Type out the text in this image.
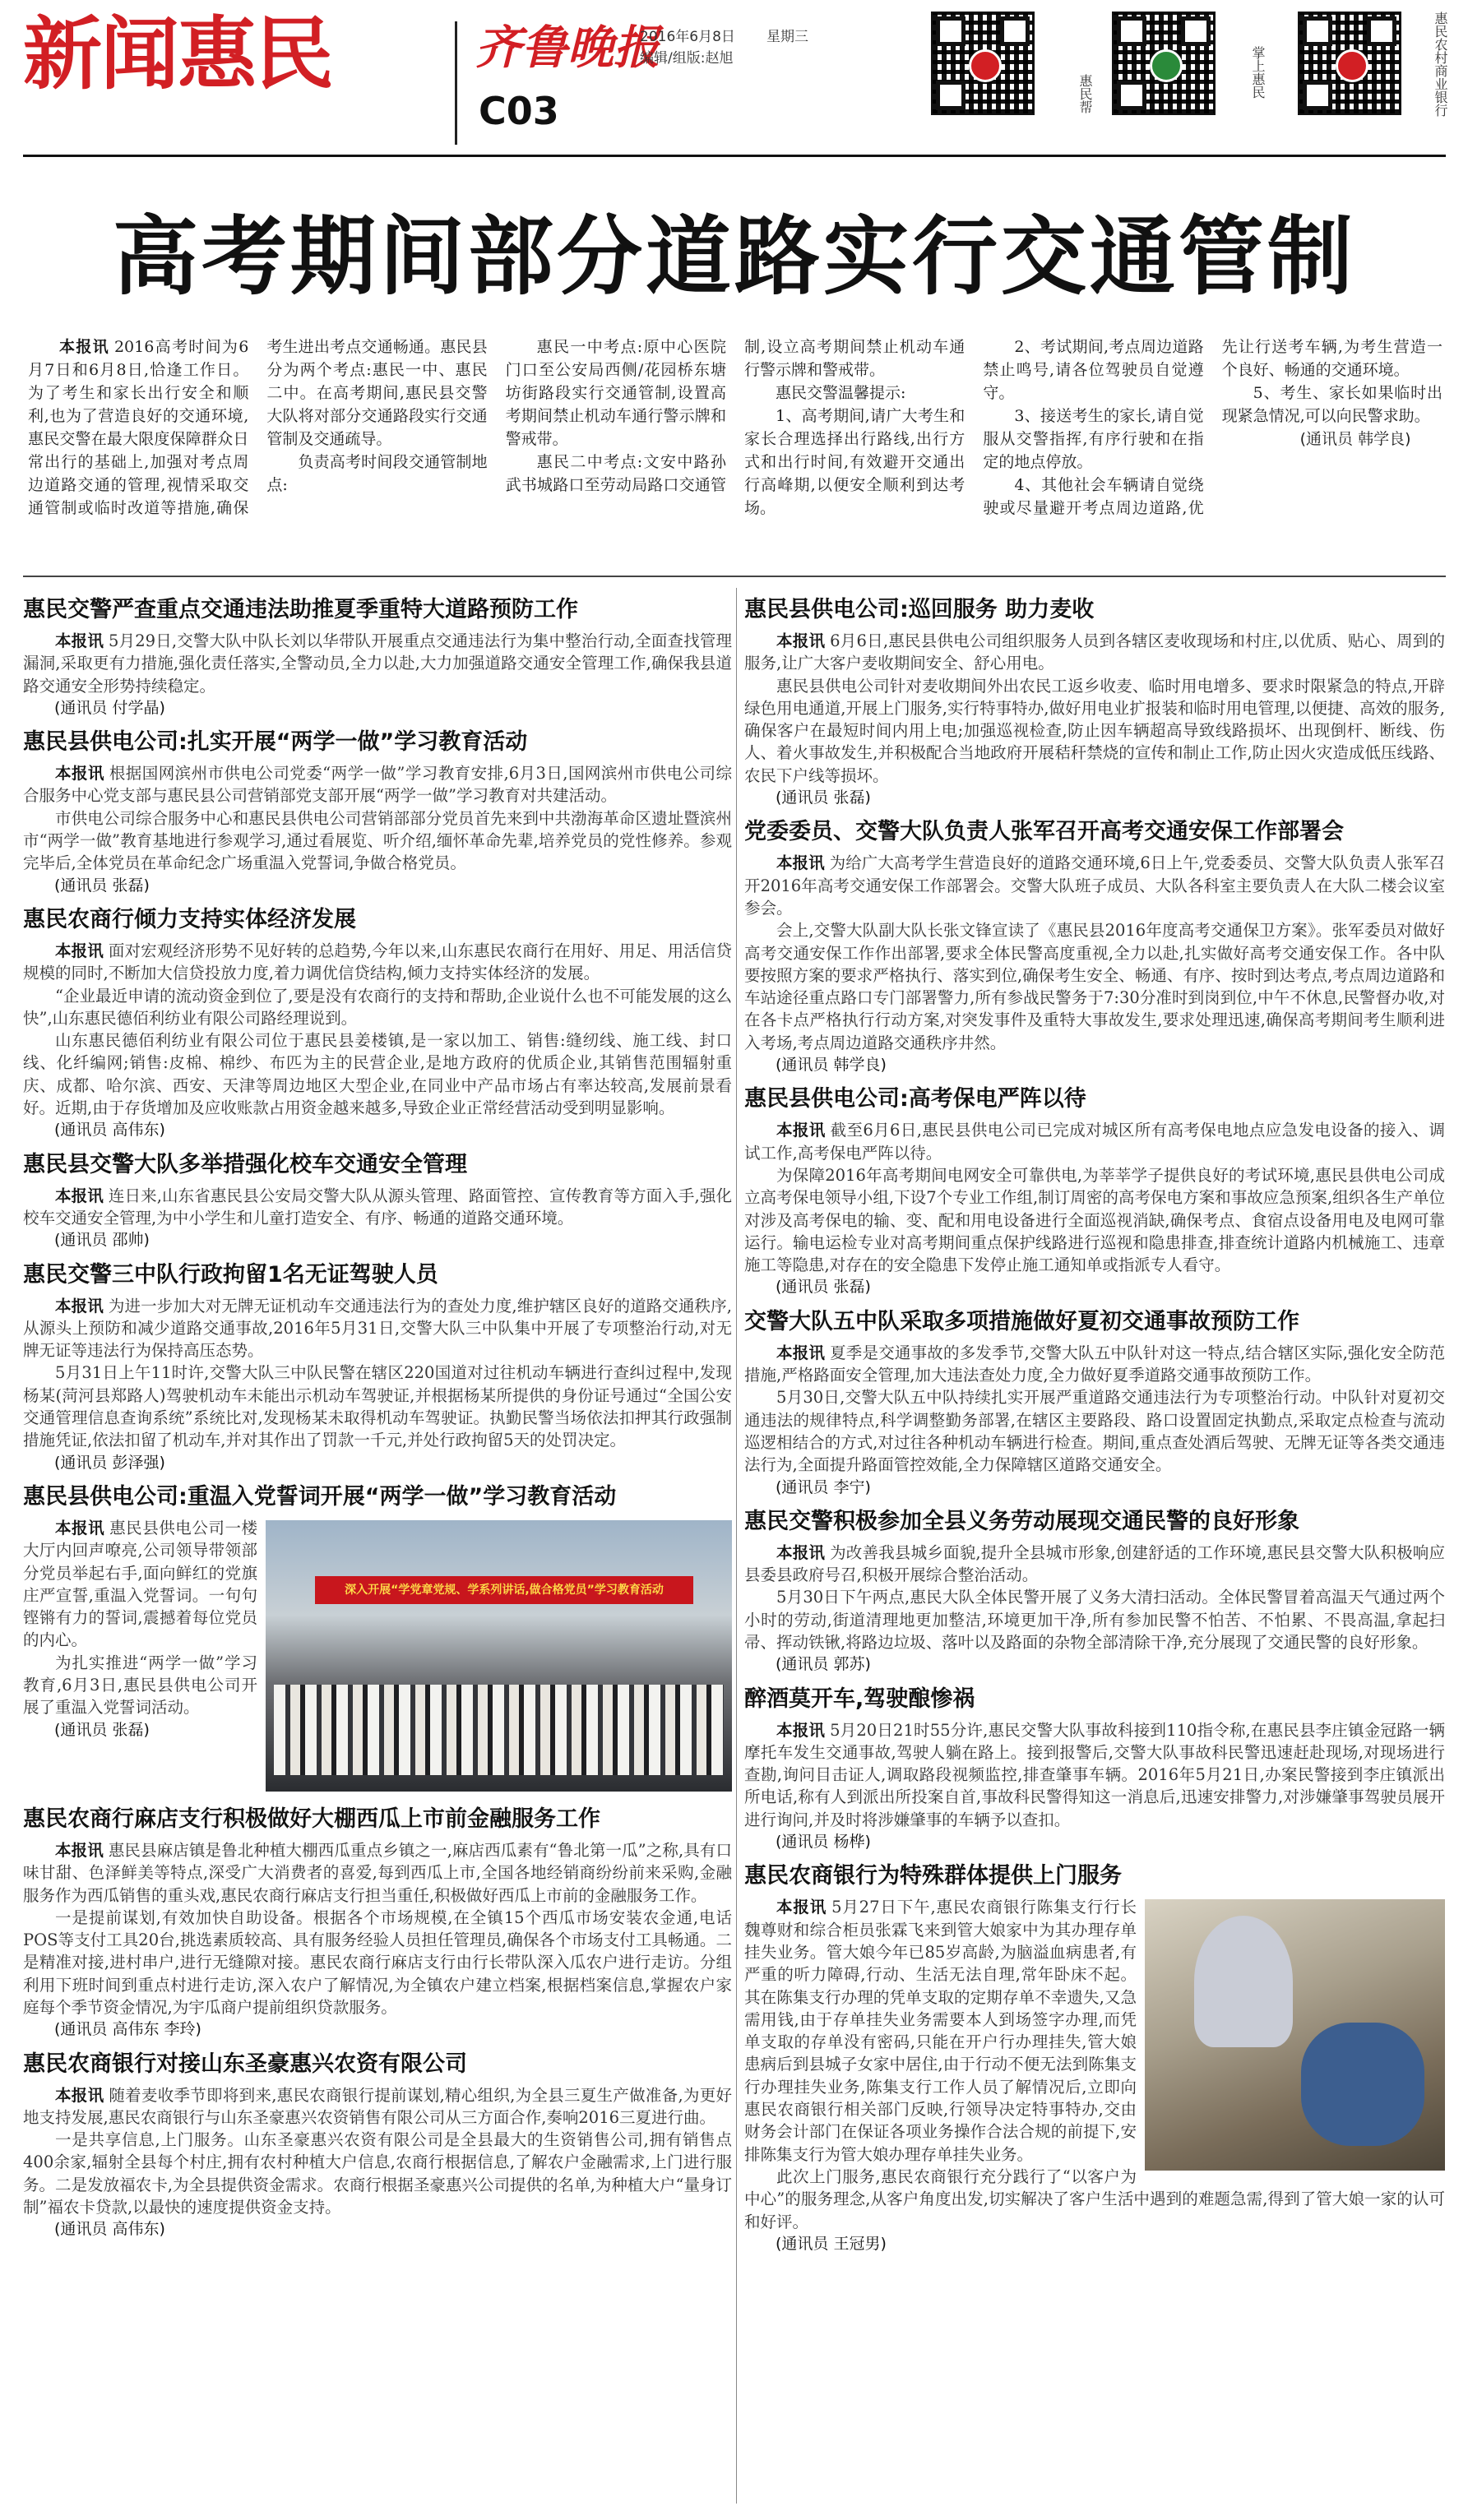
新闻惠民	齐鲁晚报
C03
2016年6月8日 星期三
编辑/组版:赵旭
惠民帮	掌上惠民	惠民农村商业银行
高考期间部分道路实行交通管制

本报讯 2016高考时间为6月7日和6月8日,恰逢工作日。为了考生和家长出行安全和顺利,也为了营造良好的交通环境,惠民交警在最大限度保障群众日常出行的基础上,加强对考点周边道路交通的管理,视情采取交通管制或临时改道等措施,确保考生进出考点交通畅通。惠民县分为两个考点:惠民一中、惠民二中。在高考期间,惠民县交警大队将对部分交通路段实行交通管制及交通疏导。

负责高考时间段交通管制地点:

惠民一中考点:原中心医院门口至公安局西侧/花园桥东塘坊街路段实行交通管制,设置高考期间禁止机动车通行警示牌和警戒带。

惠民二中考点:文安中路孙武书城路口至劳动局路口交通管制,设立高考期间禁止机动车通行警示牌和警戒带。

惠民交警温馨提示:

1、高考期间,请广大考生和家长合理选择出行路线,出行方式和出行时间,有效避开交通出行高峰期,以便安全顺利到达考场。

2、考试期间,考点周边道路禁止鸣号,请各位驾驶员自觉遵守。

3、接送考生的家长,请自觉服从交警指挥,有序行驶和在指定的地点停放。

4、其他社会车辆请自觉绕驶或尽量避开考点周边道路,优先让行送考车辆,为考生营造一个良好、畅通的交通环境。

5、考生、家长如果临时出现紧急情况,可以向民警求助。

(通讯员 韩学良)

惠民交警严查重点交通违法助推夏季重特大道路预防工作

本报讯 5月29日,交警大队中队长刘以华带队开展重点交通违法行为集中整治行动,全面查找管理漏洞,采取更有力措施,强化责任落实,全警动员,全力以赴,大力加强道路交通安全管理工作,确保我县道路交通安全形势持续稳定。

(通讯员 付学晶)

惠民县供电公司:扎实开展“两学一做”学习教育活动

本报讯 根据国网滨州市供电公司党委“两学一做”学习教育安排,6月3日,国网滨州市供电公司综合服务中心党支部与惠民县公司营销部党支部开展“两学一做”学习教育对共建活动。

市供电公司综合服务中心和惠民县供电公司营销部部分党员首先来到中共渤海革命区遗址暨滨州市“两学一做”教育基地进行参观学习,通过看展览、听介绍,缅怀革命先辈,培养党员的党性修养。参观完毕后,全体党员在革命纪念广场重温入党誓词,争做合格党员。

(通讯员 张磊)

惠民农商行倾力支持实体经济发展

本报讯 面对宏观经济形势不见好转的总趋势,今年以来,山东惠民农商行在用好、用足、用活信贷规模的同时,不断加大信贷投放力度,着力调优信贷结构,倾力支持实体经济的发展。

“企业最近申请的流动资金到位了,要是没有农商行的支持和帮助,企业说什么也不可能发展的这么快”,山东惠民德佰利纺业有限公司路经理说到。

山东惠民德佰利纺业有限公司位于惠民县姜楼镇,是一家以加工、销售:缝纫线、施工线、封口线、化纤编网;销售:皮棉、棉纱、布匹为主的民营企业,是地方政府的优质企业,其销售范围辐射重庆、成都、哈尔滨、西安、天津等周边地区大型企业,在同业中产品市场占有率达较高,发展前景看好。近期,由于存货增加及应收账款占用资金越来越多,导致企业正常经营活动受到明显影响。

(通讯员 高伟东)

惠民县交警大队多举措强化校车交通安全管理

本报讯 连日来,山东省惠民县公安局交警大队从源头管理、路面管控、宣传教育等方面入手,强化校车交通安全管理,为中小学生和儿童打造安全、有序、畅通的道路交通环境。

(通讯员 邵帅)

惠民交警三中队行政拘留1名无证驾驶人员

本报讯 为进一步加大对无牌无证机动车交通违法行为的查处力度,维护辖区良好的道路交通秩序,从源头上预防和减少道路交通事故,2016年5月31日,交警大队三中队集中开展了专项整治行动,对无牌无证等违法行为保持高压态势。

5月31日上午11时许,交警大队三中队民警在辖区220国道对过往机动车辆进行查纠过程中,发现杨某(菏河县郑路人)驾驶机动车未能出示机动车驾驶证,并根据杨某所提供的身份证号通过“全国公安交通管理信息查询系统”系统比对,发现杨某未取得机动车驾驶证。执勤民警当场依法扣押其行政强制措施凭证,依法扣留了机动车,并对其作出了罚款一千元,并处行政拘留5天的处罚决定。

(通讯员 彭泽强)

惠民县供电公司:重温入党誓词开展“两学一做”学习教育活动
深入开展“学党章党规、学系列讲话,做合格党员”学习教育活动

本报讯 惠民县供电公司一楼大厅内回声嘹亮,公司领导带领部分党员举起右手,面向鲜红的党旗庄严宣誓,重温入党誓词。一句句铿锵有力的誓词,震撼着每位党员的内心。

为扎实推进“两学一做”学习教育,6月3日,惠民县供电公司开展了重温入党誓词活动。

(通讯员 张磊)

惠民农商行麻店支行积极做好大棚西瓜上市前金融服务工作

本报讯 惠民县麻店镇是鲁北种植大棚西瓜重点乡镇之一,麻店西瓜素有“鲁北第一瓜”之称,具有口味甘甜、色泽鲜美等特点,深受广大消费者的喜爱,每到西瓜上市,全国各地经销商纷纷前来采购,金融服务作为西瓜销售的重头戏,惠民农商行麻店支行担当重任,积极做好西瓜上市前的金融服务工作。

一是提前谋划,有效加快自助设备。根据各个市场规模,在全镇15个西瓜市场安装农金通,电话POS等支付工具20台,挑选素质较高、具有服务经验人员担任管理员,确保各个市场支付工具畅通。二是精准对接,进村串户,进行无缝隙对接。惠民农商行麻店支行由行长带队深入瓜农户进行走访。分组利用下班时间到重点村进行走访,深入农户了解情况,为全镇农户建立档案,根据档案信息,掌握农户家庭每个季节资金情况,为宇瓜商户提前组织贷款服务。

(通讯员 高伟东 李玲)

惠民农商银行对接山东圣豪惠兴农资有限公司

本报讯 随着麦收季节即将到来,惠民农商银行提前谋划,精心组织,为全县三夏生产做准备,为更好地支持发展,惠民农商银行与山东圣豪惠兴农资销售有限公司从三方面合作,奏响2016三夏进行曲。

一是共享信息,上门服务。山东圣豪惠兴农资有限公司是全县最大的生资销售公司,拥有销售点400余家,辐射全县每个村庄,拥有农村种植大户信息,农商行根据信息,了解农户金融需求,上门进行服务。二是发放福农卡,为全县提供资金需求。农商行根据圣豪惠兴公司提供的名单,为种植大户“量身订制”福农卡贷款,以最快的速度提供资金支持。

(通讯员 高伟东)

惠民县供电公司:巡回服务 助力麦收

本报讯 6月6日,惠民县供电公司组织服务人员到各辖区麦收现场和村庄,以优质、贴心、周到的服务,让广大客户麦收期间安全、舒心用电。

惠民县供电公司针对麦收期间外出农民工返乡收麦、临时用电增多、要求时限紧急的特点,开辟绿色用电通道,开展上门服务,实行特事特办,做好用电业扩报装和临时用电管理,以便捷、高效的服务,确保客户在最短时间内用上电;加强巡视检查,防止因车辆超高导致线路损坏、出现倒杆、断线、伤人、着火事故发生,并积极配合当地政府开展秸秆禁烧的宣传和制止工作,防止因火灾造成低压线路、农民下户线等损坏。

(通讯员 张磊)

党委委员、交警大队负责人张军召开高考交通安保工作部署会

本报讯 为给广大高考学生营造良好的道路交通环境,6日上午,党委委员、交警大队负责人张军召开2016年高考交通安保工作部署会。交警大队班子成员、大队各科室主要负责人在大队二楼会议室参会。

会上,交警大队副大队长张文锋宣读了《惠民县2016年度高考交通保卫方案》。张军委员对做好高考交通安保工作作出部署,要求全体民警高度重视,全力以赴,扎实做好高考交通安保工作。各中队要按照方案的要求严格执行、落实到位,确保考生安全、畅通、有序、按时到达考点,考点周边道路和车站途径重点路口专门部署警力,所有参战民警务于7:30分准时到岗到位,中午不休息,民警督办收,对在各卡点严格执行行动方案,对突发事件及重特大事故发生,要求处理迅速,确保高考期间考生顺利进入考场,考点周边道路交通秩序井然。

(通讯员 韩学良)

惠民县供电公司:高考保电严阵以待

本报讯 截至6月6日,惠民县供电公司已完成对城区所有高考保电地点应急发电设备的接入、调试工作,高考保电严阵以待。

为保障2016年高考期间电网安全可靠供电,为莘莘学子提供良好的考试环境,惠民县供电公司成立高考保电领导小组,下设7个专业工作组,制订周密的高考保电方案和事故应急预案,组织各生产单位对涉及高考保电的输、变、配和用电设备进行全面巡视消缺,确保考点、食宿点设备用电及电网可靠运行。输电运检专业对高考期间重点保护线路进行巡视和隐患排查,排查统计道路内机械施工、违章施工等隐患,对存在的安全隐患下发停止施工通知单或指派专人看守。

(通讯员 张磊)

交警大队五中队采取多项措施做好夏初交通事故预防工作

本报讯 夏季是交通事故的多发季节,交警大队五中队针对这一特点,结合辖区实际,强化安全防范措施,严格路面安全管理,加大违法查处力度,全力做好夏季道路交通事故预防工作。

5月30日,交警大队五中队持续扎实开展严重道路交通违法行为专项整治行动。中队针对夏初交通违法的规律特点,科学调整勤务部署,在辖区主要路段、路口设置固定执勤点,采取定点检查与流动巡逻相结合的方式,对过往各种机动车辆进行检查。期间,重点查处酒后驾驶、无牌无证等各类交通违法行为,全面提升路面管控效能,全力保障辖区道路交通安全。

(通讯员 李宁)

惠民交警积极参加全县义务劳动展现交通民警的良好形象

本报讯 为改善我县城乡面貌,提升全县城市形象,创建舒适的工作环境,惠民县交警大队积极响应县委县政府号召,积极开展综合整治活动。

5月30日下午两点,惠民大队全体民警开展了义务大清扫活动。全体民警冒着高温天气通过两个小时的劳动,街道清理地更加整洁,环境更加干净,所有参加民警不怕苦、不怕累、不畏高温,拿起扫帚、挥动铁锹,将路边垃圾、落叶以及路面的杂物全部清除干净,充分展现了交通民警的良好形象。

(通讯员 郭苏)

醉酒莫开车,驾驶酿惨祸

本报讯 5月20日21时55分许,惠民交警大队事故科接到110指令称,在惠民县李庄镇金冠路一辆摩托车发生交通事故,驾驶人躺在路上。接到报警后,交警大队事故科民警迅速赶赴现场,对现场进行查勘,询问目击证人,调取路段视频监控,排查肇事车辆。2016年5月21日,办案民警接到李庄镇派出所电话,称有人到派出所投案自首,事故科民警得知这一消息后,迅速安排警力,对涉嫌肇事驾驶员展开进行询问,并及时将涉嫌肇事的车辆予以查扣。

(通讯员 杨桦)

惠民农商银行为特殊群体提供上门服务

本报讯 5月27日下午,惠民农商银行陈集支行行长魏尊财和综合柜员张霖飞来到管大娘家中为其办理存单挂失业务。管大娘今年已85岁高龄,为脑溢血病患者,有严重的听力障碍,行动、生活无法自理,常年卧床不起。其在陈集支行办理的凭单支取的定期存单不幸遗失,又急需用钱,由于存单挂失业务需要本人到场签字办理,而凭单支取的存单没有密码,只能在开户行办理挂失,管大娘患病后到县城子女家中居住,由于行动不便无法到陈集支行办理挂失业务,陈集支行工作人员了解情况后,立即向惠民农商银行相关部门反映,行领导决定特事特办,交由财务会计部门在保证各项业务操作合法合规的前提下,安排陈集支行为管大娘办理存单挂失业务。

此次上门服务,惠民农商银行充分践行了“以客户为中心”的服务理念,从客户角度出发,切实解决了客户生活中遇到的难题急需,得到了管大娘一家的认可和好评。

(通讯员 王冠男)
